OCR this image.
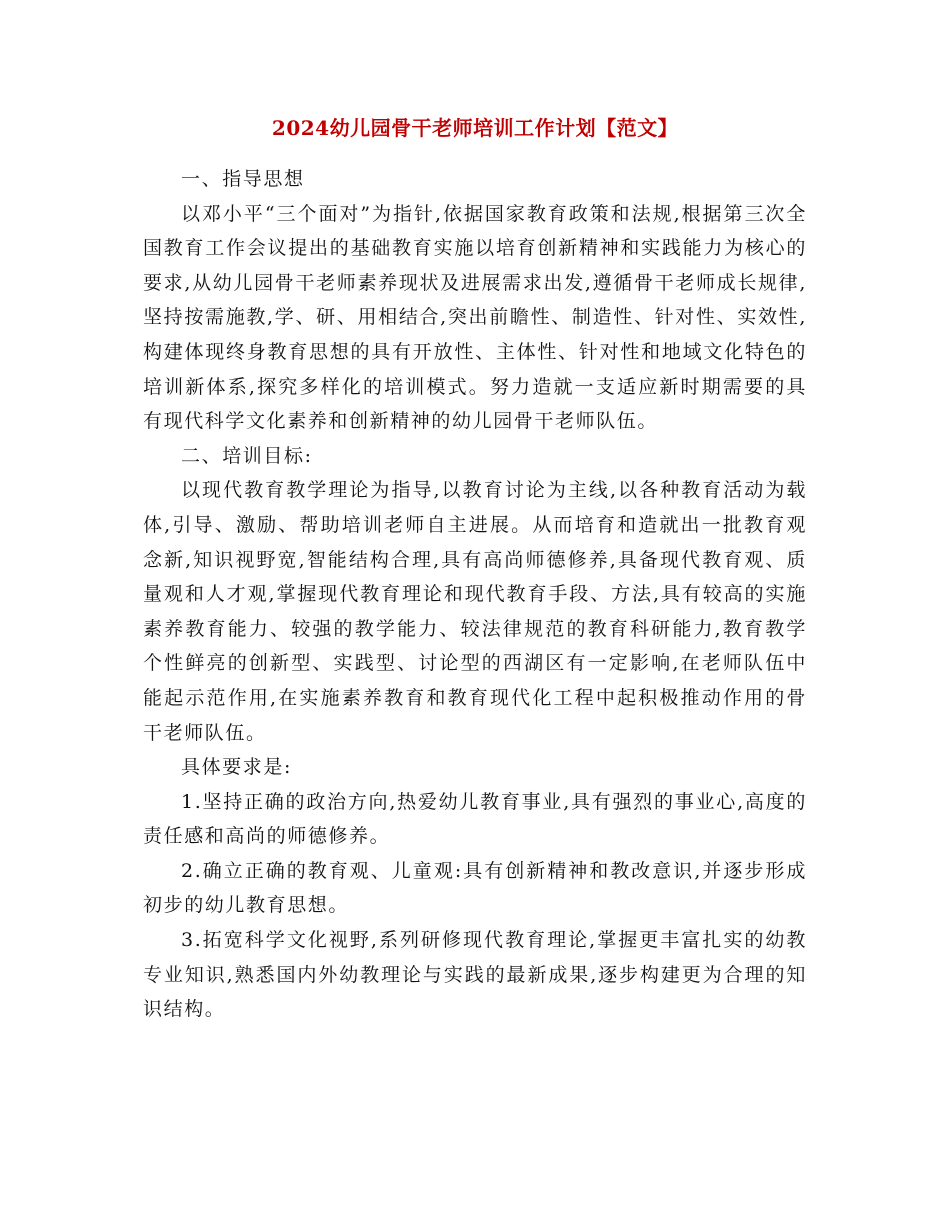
2024幼儿园骨干老师培训工作计划【范文】

一、指导思想

以邓小平“三个面对”为指针,依据国家教育政策和法规,根据第三次全国教育工作会议提出的基础教育实施以培育创新精神和实践能力为核心的要求,从幼儿园骨干老师素养现状及进展需求出发,遵循骨干老师成长规律,坚持按需施教,学、研、用相结合,突出前瞻性、制造性、针对性、实效性,构建体现终身教育思想的具有开放性、主体性、针对性和地域文化特色的培训新体系,探究多样化的培训模式。努力造就一支适应新时期需要的具有现代科学文化素养和创新精神的幼儿园骨干老师队伍。

二、培训目标:

以现代教育教学理论为指导,以教育讨论为主线,以各种教育活动为载体,引导、激励、帮助培训老师自主进展。从而培育和造就出一批教育观念新,知识视野宽,智能结构合理,具有高尚师德修养,具备现代教育观、质量观和人才观,掌握现代教育理论和现代教育手段、方法,具有较高的实施素养教育能力、较强的教学能力、较法律规范的教育科研能力,教育教学个性鲜亮的创新型、实践型、讨论型的西湖区有一定影响,在老师队伍中能起示范作用,在实施素养教育和教育现代化工程中起积极推动作用的骨干老师队伍。

具体要求是:

1.坚持正确的政治方向,热爱幼儿教育事业,具有强烈的事业心,高度的责任感和高尚的师德修养。

2.确立正确的教育观、儿童观:具有创新精神和教改意识,并逐步形成初步的幼儿教育思想。

3.拓宽科学文化视野,系列研修现代教育理论,掌握更丰富扎实的幼教专业知识,熟悉国内外幼教理论与实践的最新成果,逐步构建更为合理的知识结构。
